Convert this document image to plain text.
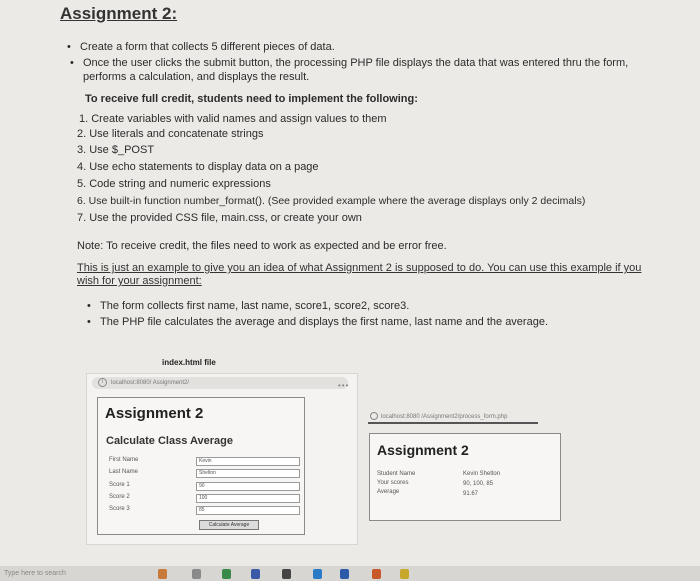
Assignment 2:
• Create a form that collects 5 different pieces of data.
• Once the user clicks the submit button, the processing PHP file displays the data that was entered thru the form, performs a calculation, and displays the result.
To receive full credit, students need to implement the following:
1. Create variables with valid names and assign values to them
2. Use literals and concatenate strings
3. Use $_POST
4. Use echo statements to display data on a page
5. Code string and numeric expressions
6. Use built-in function number_format(). (See provided example where the average displays only 2 decimals)
7. Use the provided CSS file, main.css, or create your own
Note: To receive credit, the files need to work as expected and be error free.
This is just an example to give you an idea of what Assignment 2 is supposed to do. You can use this example if you wish for your assignment:
• The form collects first name, last name, score1, score2, score3.
• The PHP file calculates the average and displays the first name, last name and the average.
index.html file
i localhost:8080/ Assignment2/	•••
Assignment 2
Calculate Class Average
First Name	Kevin
Last Name	Shelton
Score 1	90
Score 2	100
Score 3	85
Calculate Average
localhost:8080 /Assignment2/process_form.php
Assignment 2
Student Name	Kevin Shelton
Your scores	90, 100, 85
Average	91.67
Type here to search
